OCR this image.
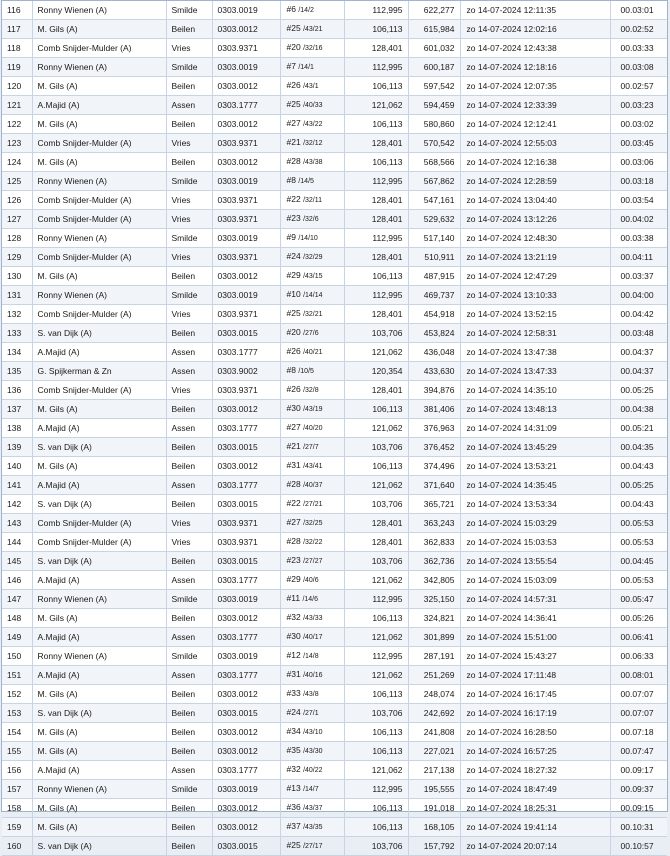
116	Ronny Wienen (A)	Smilde	0303.0019	#6 /14/2	112,995	622,277	zo 14-07-2024 12:11:35	00.03:01
117	M. Gils (A)	Beilen	0303.0012	#25 /43/21	106,113	615,984	zo 14-07-2024 12:02:16	00.02:52
118	Comb Snijder-Mulder (A)	Vries	0303.9371	#20 /32/16	128,401	601,032	zo 14-07-2024 12:43:38	00.03:33
119	Ronny Wienen (A)	Smilde	0303.0019	#7 /14/1	112,995	600,187	zo 14-07-2024 12:18:16	00.03:08
120	M. Gils (A)	Beilen	0303.0012	#26 /43/1	106,113	597,542	zo 14-07-2024 12:07:35	00.02:57
121	A.Majid (A)	Assen	0303.1777	#25 /40/33	121,062	594,459	zo 14-07-2024 12:33:39	00.03:23
122	M. Gils (A)	Beilen	0303.0012	#27 /43/22	106,113	580,860	zo 14-07-2024 12:12:41	00.03:02
123	Comb Snijder-Mulder (A)	Vries	0303.9371	#21 /32/12	128,401	570,542	zo 14-07-2024 12:55:03	00.03:45
124	M. Gils (A)	Beilen	0303.0012	#28 /43/38	106,113	568,566	zo 14-07-2024 12:16:38	00.03:06
125	Ronny Wienen (A)	Smilde	0303.0019	#8 /14/5	112,995	567,862	zo 14-07-2024 12:28:59	00.03:18
126	Comb Snijder-Mulder (A)	Vries	0303.9371	#22 /32/11	128,401	547,161	zo 14-07-2024 13:04:40	00.03:54
127	Comb Snijder-Mulder (A)	Vries	0303.9371	#23 /32/6	128,401	529,632	zo 14-07-2024 13:12:26	00.04:02
128	Ronny Wienen (A)	Smilde	0303.0019	#9 /14/10	112,995	517,140	zo 14-07-2024 12:48:30	00.03:38
129	Comb Snijder-Mulder (A)	Vries	0303.9371	#24 /32/29	128,401	510,911	zo 14-07-2024 13:21:19	00.04:11
130	M. Gils (A)	Beilen	0303.0012	#29 /43/15	106,113	487,915	zo 14-07-2024 12:47:29	00.03:37
131	Ronny Wienen (A)	Smilde	0303.0019	#10 /14/14	112,995	469,737	zo 14-07-2024 13:10:33	00.04:00
132	Comb Snijder-Mulder (A)	Vries	0303.9371	#25 /32/21	128,401	454,918	zo 14-07-2024 13:52:15	00.04:42
133	S. van Dijk (A)	Beilen	0303.0015	#20 /27/6	103,706	453,824	zo 14-07-2024 12:58:31	00.03:48
134	A.Majid (A)	Assen	0303.1777	#26 /40/21	121,062	436,048	zo 14-07-2024 13:47:38	00.04:37
135	G. Spijkerman & Zn	Assen	0303.9002	#8 /10/5	120,354	433,630	zo 14-07-2024 13:47:33	00.04:37
136	Comb Snijder-Mulder (A)	Vries	0303.9371	#26 /32/8	128,401	394,876	zo 14-07-2024 14:35:10	00.05:25
137	M. Gils (A)	Beilen	0303.0012	#30 /43/19	106,113	381,406	zo 14-07-2024 13:48:13	00.04:38
138	A.Majid (A)	Assen	0303.1777	#27 /40/20	121,062	376,963	zo 14-07-2024 14:31:09	00.05:21
139	S. van Dijk (A)	Beilen	0303.0015	#21 /27/7	103,706	376,452	zo 14-07-2024 13:45:29	00.04:35
140	M. Gils (A)	Beilen	0303.0012	#31 /43/41	106,113	374,496	zo 14-07-2024 13:53:21	00.04:43
141	A.Majid (A)	Assen	0303.1777	#28 /40/37	121,062	371,640	zo 14-07-2024 14:35:45	00.05:25
142	S. van Dijk (A)	Beilen	0303.0015	#22 /27/21	103,706	365,721	zo 14-07-2024 13:53:34	00.04:43
143	Comb Snijder-Mulder (A)	Vries	0303.9371	#27 /32/25	128,401	363,243	zo 14-07-2024 15:03:29	00.05:53
144	Comb Snijder-Mulder (A)	Vries	0303.9371	#28 /32/22	128,401	362,833	zo 14-07-2024 15:03:53	00.05:53
145	S. van Dijk (A)	Beilen	0303.0015	#23 /27/27	103,706	362,736	zo 14-07-2024 13:55:54	00.04:45
146	A.Majid (A)	Assen	0303.1777	#29 /40/6	121,062	342,805	zo 14-07-2024 15:03:09	00.05:53
147	Ronny Wienen (A)	Smilde	0303.0019	#11 /14/6	112,995	325,150	zo 14-07-2024 14:57:31	00.05:47
148	M. Gils (A)	Beilen	0303.0012	#32 /43/33	106,113	324,821	zo 14-07-2024 14:36:41	00.05:26
149	A.Majid (A)	Assen	0303.1777	#30 /40/17	121,062	301,899	zo 14-07-2024 15:51:00	00.06:41
150	Ronny Wienen (A)	Smilde	0303.0019	#12 /14/8	112,995	287,191	zo 14-07-2024 15:43:27	00.06:33
151	A.Majid (A)	Assen	0303.1777	#31 /40/16	121,062	251,269	zo 14-07-2024 17:11:48	00.08:01
152	M. Gils (A)	Beilen	0303.0012	#33 /43/8	106,113	248,074	zo 14-07-2024 16:17:45	00.07:07
153	S. van Dijk (A)	Beilen	0303.0015	#24 /27/1	103,706	242,692	zo 14-07-2024 16:17:19	00.07:07
154	M. Gils (A)	Beilen	0303.0012	#34 /43/10	106,113	241,808	zo 14-07-2024 16:28:50	00.07:18
155	M. Gils (A)	Beilen	0303.0012	#35 /43/30	106,113	227,021	zo 14-07-2024 16:57:25	00.07:47
156	A.Majid (A)	Assen	0303.1777	#32 /40/22	121,062	217,138	zo 14-07-2024 18:27:32	00.09:17
157	Ronny Wienen (A)	Smilde	0303.0019	#13 /14/7	112,995	195,555	zo 14-07-2024 18:47:49	00.09:37
158	M. Gils (A)	Beilen	0303.0012	#36 /43/37	106,113	191,018	zo 14-07-2024 18:25:31	00.09:15
159	M. Gils (A)	Beilen	0303.0012	#37 /43/35	106,113	168,105	zo 14-07-2024 19:41:14	00.10:31
160	S. van Dijk (A)	Beilen	0303.0015	#25 /27/17	103,706	157,792	zo 14-07-2024 20:07:14	00.10:57
